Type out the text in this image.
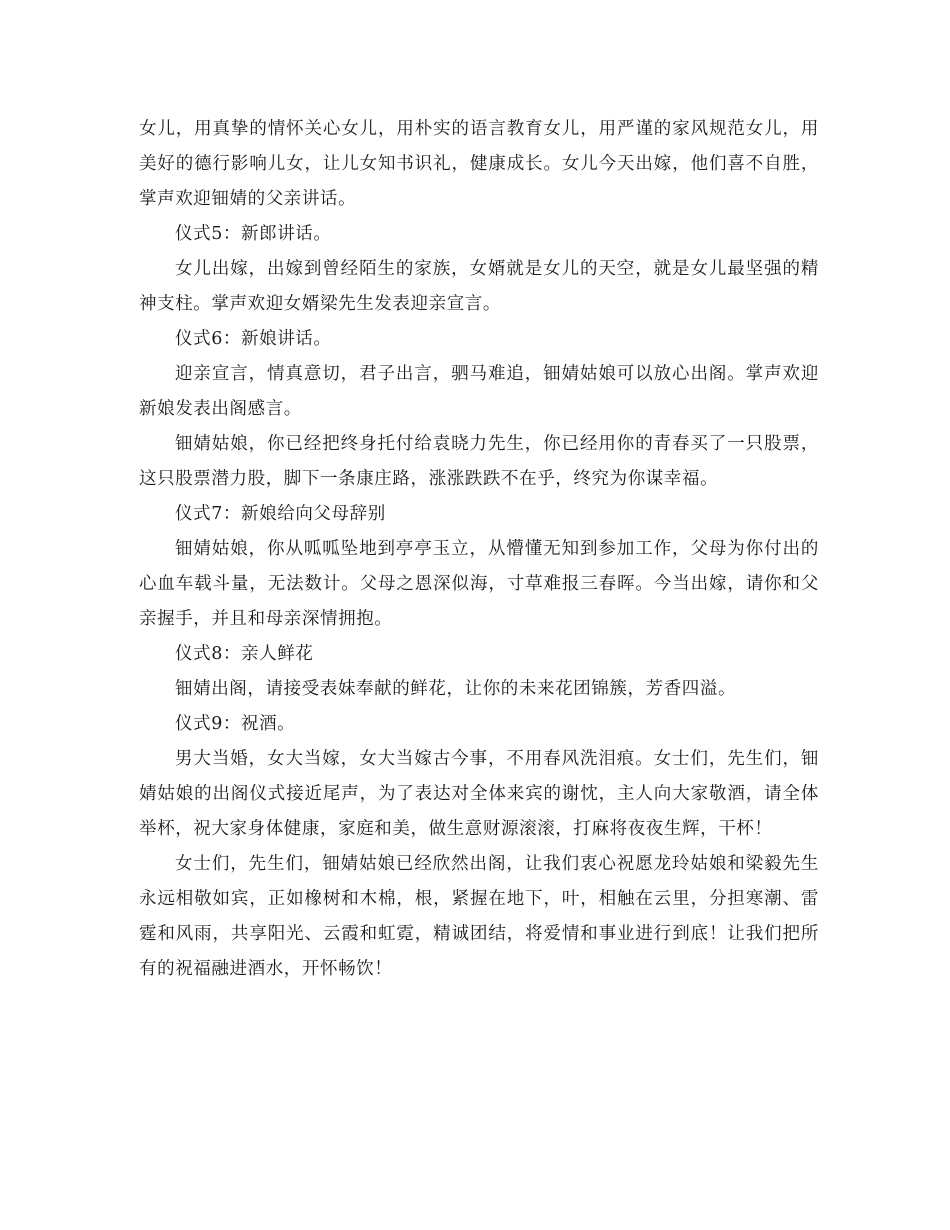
女儿，用真挚的情怀关心女儿，用朴实的语言教育女儿，用严谨的家风规范女儿，用美好的德行影响儿女，让儿女知书识礼，健康成长。女儿今天出嫁，他们喜不自胜，掌声欢迎钿婧的父亲讲话。

仪式5：新郎讲话。

女儿出嫁，出嫁到曾经陌生的家族，女婿就是女儿的天空，就是女儿最坚强的精神支柱。掌声欢迎女婿梁先生发表迎亲宣言。

仪式6：新娘讲话。

迎亲宣言，情真意切，君子出言，驷马难追，钿婧姑娘可以放心出阁。掌声欢迎新娘发表出阁感言。

钿婧姑娘，你已经把终身托付给袁晓力先生，你已经用你的青春买了一只股票，这只股票潜力股，脚下一条康庄路，涨涨跌跌不在乎，终究为你谋幸福。

仪式7：新娘给向父母辞别

钿婧姑娘，你从呱呱坠地到亭亭玉立，从懵懂无知到参加工作，父母为你付出的心血车载斗量，无法数计。父母之恩深似海，寸草难报三春晖。今当出嫁，请你和父亲握手，并且和母亲深情拥抱。

仪式8：亲人鲜花

钿婧出阁，请接受表妹奉献的鲜花，让你的未来花团锦簇，芳香四溢。

仪式9：祝酒。

男大当婚，女大当嫁，女大当嫁古今事，不用春风洗泪痕。女士们，先生们，钿婧姑娘的出阁仪式接近尾声，为了表达对全体来宾的谢忱，主人向大家敬酒，请全体举杯，祝大家身体健康，家庭和美，做生意财源滚滚，打麻将夜夜生辉，干杯！

女士们，先生们，钿婧姑娘已经欣然出阁，让我们衷心祝愿龙玲姑娘和梁毅先生永远相敬如宾，正如橡树和木棉，根，紧握在地下，叶，相触在云里，分担寒潮、雷霆和风雨，共享阳光、云霞和虹霓，精诚团结，将爱情和事业进行到底！让我们把所有的祝福融进酒水，开怀畅饮！
